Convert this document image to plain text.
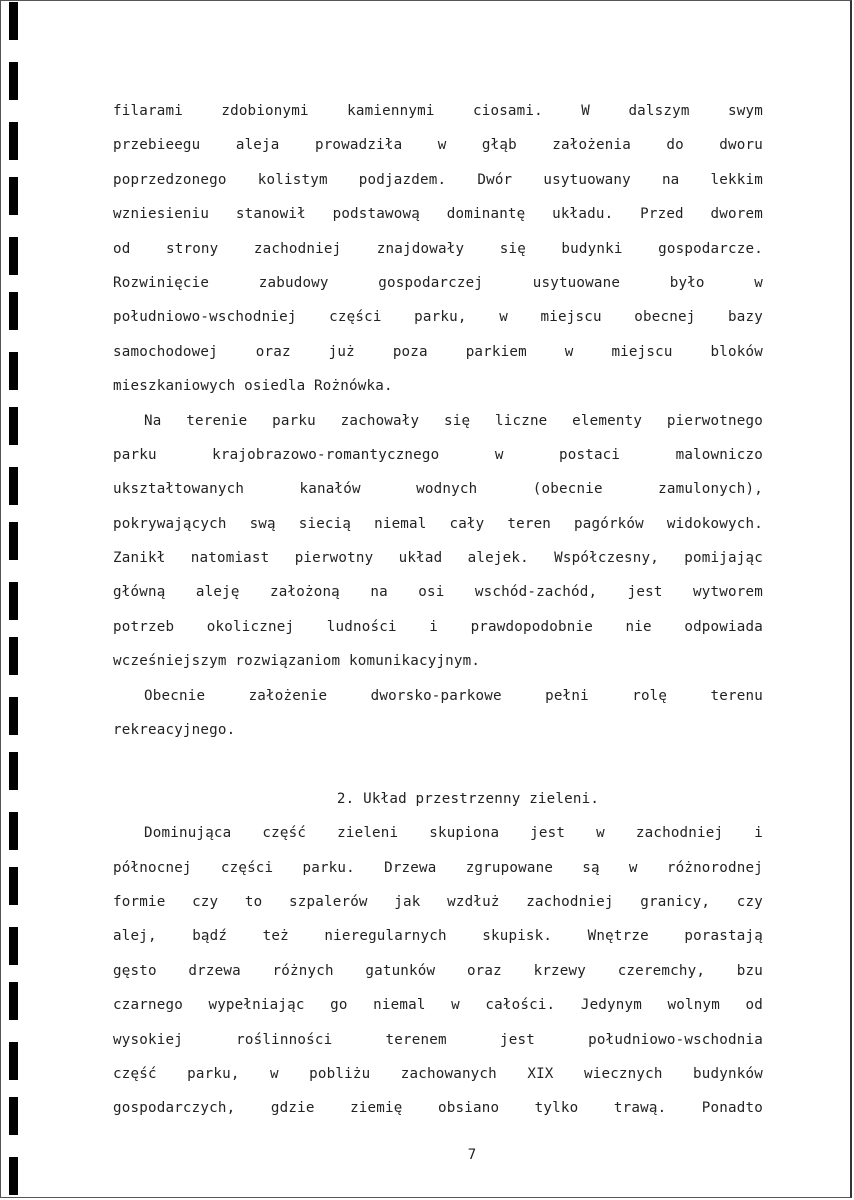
filarami zdobionymi kamiennymi ciosami. W dalszym swym
przebieegu aleja prowadziła w głąb założenia do dworu
poprzedzonego kolistym podjazdem. Dwór usytuowany na lekkim
wzniesieniu stanowił podstawową dominantę układu. Przed dworem
od strony zachodniej znajdowały się budynki gospodarcze.
Rozwinięcie zabudowy gospodarczej usytuowane było w
południowo-wschodniej części parku, w miejscu obecnej bazy
samochodowej oraz już poza parkiem w miejscu bloków
mieszkaniowych osiedla Rożnówka.
Na terenie parku zachowały się liczne elementy pierwotnego
parku krajobrazowo-romantycznego w postaci malowniczo
ukształtowanych kanałów wodnych (obecnie zamulonych),
pokrywających swą siecią niemal cały teren pagórków widokowych.
Zanikł natomiast pierwotny układ alejek. Współczesny, pomijając
główną aleję założoną na osi wschód-zachód, jest wytworem
potrzeb okolicznej ludności i prawdopodobnie nie odpowiada
wcześniejszym rozwiązaniom komunikacyjnym.
Obecnie założenie dworsko-parkowe pełni rolę terenu
rekreacyjnego.
2. Układ przestrzenny zieleni.
Dominująca część zieleni skupiona jest w zachodniej i
północnej części parku. Drzewa zgrupowane są w różnorodnej
formie czy to szpalerów jak wzdłuż zachodniej granicy, czy
alej, bądź też nieregularnych skupisk. Wnętrze porastają
gęsto drzewa różnych gatunków oraz krzewy czeremchy, bzu
czarnego wypełniając go niemal w całości. Jedynym wolnym od
wysokiej roślinności terenem jest południowo-wschodnia
część parku, w pobliżu zachowanych XIX wiecznych budynków
gospodarczych, gdzie ziemię obsiano tylko trawą. Ponadto
7
